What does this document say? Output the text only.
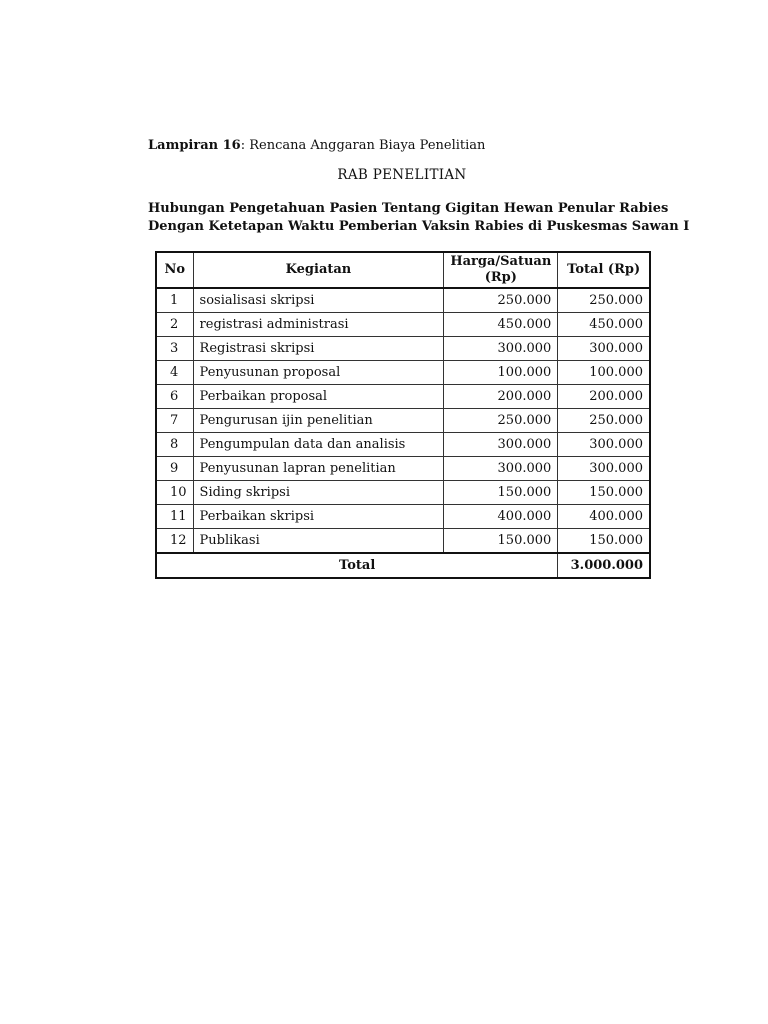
Lampiran 16: Rencana Anggaran Biaya Penelitian
RAB PENELITIAN
Hubungan Pengetahuan Pasien Tentang Gigitan Hewan Penular Rabies
Dengan Ketetapan Waktu Pemberian Vaksin Rabies di Puskesmas Sawan I
No	Kegiatan	Harga/Satuan (Rp)	Total (Rp)
1	sosialisasi skripsi	250.000	250.000
2	registrasi administrasi	450.000	450.000
3	Registrasi skripsi	300.000	300.000
4	Penyusunan proposal	100.000	100.000
6	Perbaikan proposal	200.000	200.000
7	Pengurusan ijin penelitian	250.000	250.000
8	Pengumpulan data dan analisis	300.000	300.000
9	Penyusunan lapran penelitian	300.000	300.000
10	Siding skripsi	150.000	150.000
11	Perbaikan skripsi	400.000	400.000
12	Publikasi	150.000	150.000
Total			3.000.000
